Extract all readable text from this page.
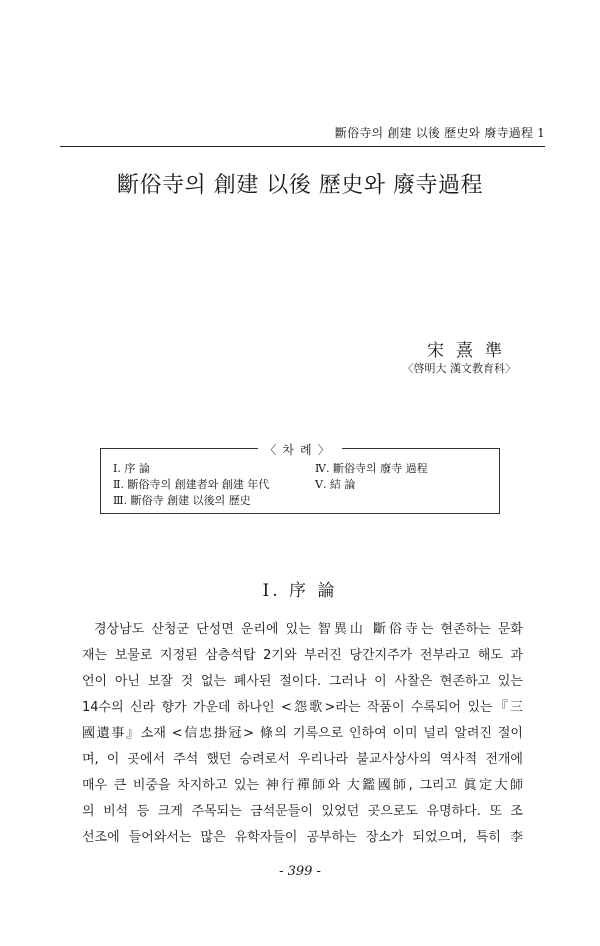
斷俗寺의 創建 以後 歷史와 廢寺過程 1
斷俗寺의 創建 以後 歷史와 廢寺過程
宋熹準
〈啓明大 漢文教育科〉
〈차례〉
Ⅰ. 序 論
Ⅱ. 斷俗寺의 創建者와 創建 年代
Ⅲ. 斷俗寺 創建 以後의 歷史
Ⅳ. 斷俗寺의 廢寺 過程
Ⅴ. 結 論
Ⅰ. 序 論
경상남도 산청군 단성면 운리에 있는 智異山 斷俗寺는 현존하는 문화
재는 보물로 지정된 삼층석탑 2기와 부러진 당간지주가 전부라고 해도 과
언이 아닌 보잘 것 없는 폐사된 절이다. 그러나 이 사찰은 현존하고 있는
14수의 신라 향가 가운데 하나인 <怨歌>라는 작품이 수록되어 있는『三
國遺事』소재 <信忠掛冠> 條의 기록으로 인하여 이미 널리 알려진 절이
며, 이 곳에서 주석 했던 승려로서 우리나라 불교사상사의 역사적 전개에
매우 큰 비중을 차지하고 있는 神行禪師와 大鑑國師, 그리고 眞定大師
의 비석 등 크게 주목되는 금석문들이 있었던 곳으로도 유명하다. 또 조
선조에 들어와서는 많은 유학자들이 공부하는 장소가 되었으며, 특히 李
- 399 -
